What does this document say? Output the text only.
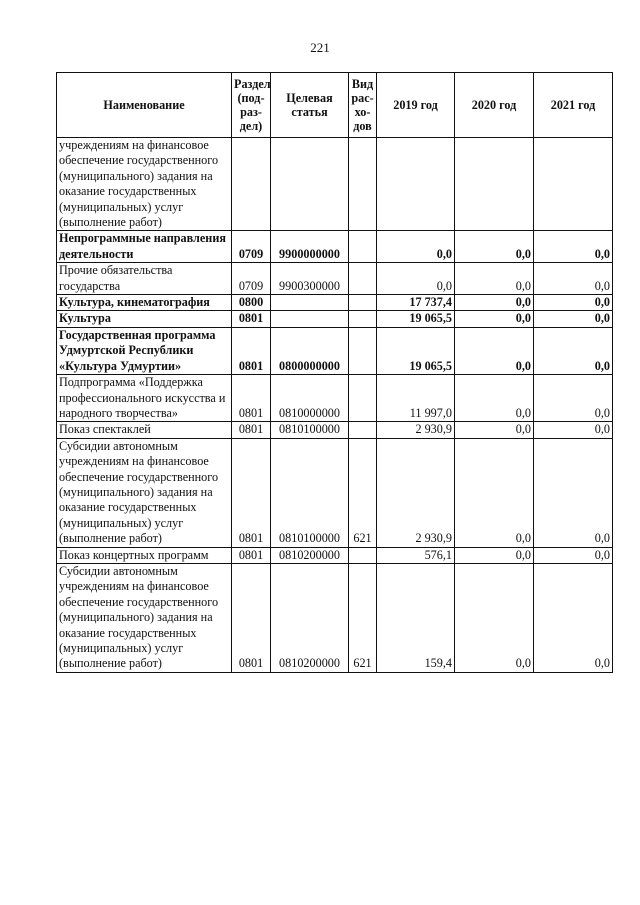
221
Наименование	Раздел (под-раз-дел)	Целевая статья	Вид рас-хо-дов	2019 год	2020 год	2021 год
учреждениям на финансовое обеспечение государственного (муниципального) задания на оказание государственных (муниципальных) услуг (выполнение работ)						
Непрограммные направления деятельности	0709	9900000000		0,0	0,0	0,0
Прочие обязательства государства	0709	9900300000		0,0	0,0	0,0
Культура, кинематография	0800			17 737,4	0,0	0,0
Культура	0801			19 065,5	0,0	0,0
Государственная программа Удмуртской Республики «Культура Удмуртии»	0801	0800000000		19 065,5	0,0	0,0
Подпрограмма «Поддержка профессионального искусства и народного творчества»	0801	0810000000		11 997,0	0,0	0,0
Показ спектаклей	0801	0810100000		2 930,9	0,0	0,0
Субсидии автономным учреждениям на финансовое обеспечение государственного (муниципального) задания на оказание государственных (муниципальных) услуг (выполнение работ)	0801	0810100000	621	2 930,9	0,0	0,0
Показ концертных программ	0801	0810200000		576,1	0,0	0,0
Субсидии автономным учреждениям на финансовое обеспечение государственного (муниципального) задания на оказание государственных (муниципальных) услуг (выполнение работ)	0801	0810200000	621	159,4	0,0	0,0
